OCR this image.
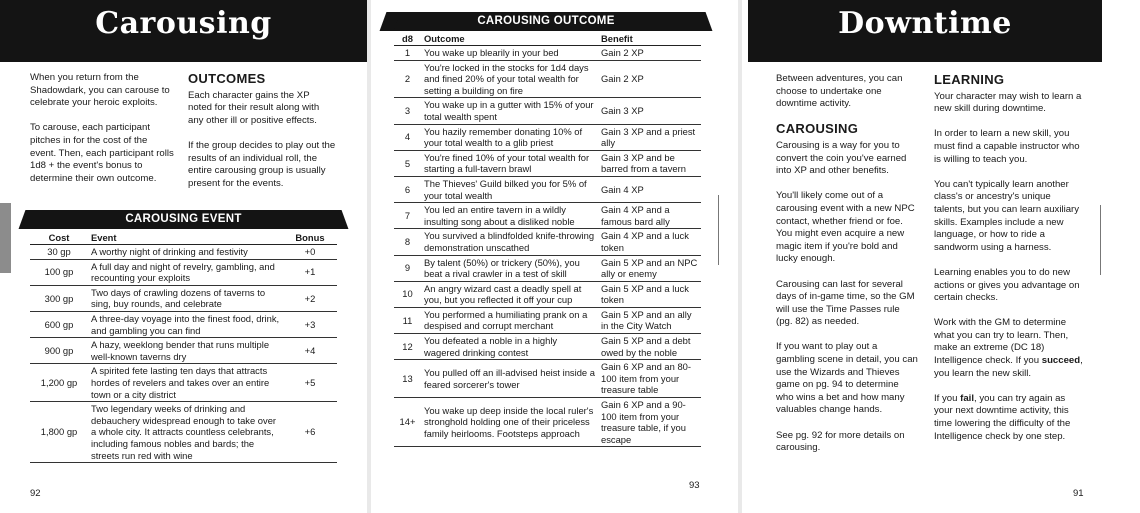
Carousing

When you return from the Shadowdark, you can carouse to celebrate your heroic exploits.

To carouse, each participant pitches in for the cost of the event. Then, each participant rolls 1d8 + the event's bonus to determine their own outcome.

OUTCOMES

Each character gains the XP noted for their result along with any other ill or positive effects.

If the group decides to play out the results of an individual roll, the entire carousing group is usually present for the events.

CAROUSING EVENT
Cost	Event	Bonus
30 gp	A worthy night of drinking and festivity	+0
100 gp	A full day and night of revelry, gambling, and recounting your exploits	+1
300 gp	Two days of crawling dozens of taverns to sing, buy rounds, and celebrate	+2
600 gp	A three-day voyage into the finest food, drink, and gambling you can find	+3
900 gp	A hazy, weeklong bender that runs multiple well-known taverns dry	+4
1,200 gp	A spirited fete lasting ten days that attracts hordes of revelers and takes over an entire town or a city district	+5
1,800 gp	Two legendary weeks of drinking and debauchery widespread enough to take over a whole city. It attracts countless celebrants, including famous nobles and bards; the streets run red with wine	+6
92
CAROUSING OUTCOME
d8	Outcome	Benefit
1	You wake up blearily in your bed	Gain 2 XP
2	You're locked in the stocks for 1d4 days and fined 20% of your total wealth for setting a building on fire	Gain 2 XP
3	You wake up in a gutter with 15% of your total wealth spent	Gain 3 XP
4	You hazily remember donating 10% of your total wealth to a glib priest	Gain 3 XP and a priest ally
5	You're fined 10% of your total wealth for starting a full-tavern brawl	Gain 3 XP and be barred from a tavern
6	The Thieves' Guild bilked you for 5% of your total wealth	Gain 4 XP
7	You led an entire tavern in a wildly insulting song about a disliked noble	Gain 4 XP and a famous bard ally
8	You survived a blindfolded knife-throwing demonstration unscathed	Gain 4 XP and a luck token
9	By talent (50%) or trickery (50%), you beat a rival crawler in a test of skill	Gain 5 XP and an NPC ally or enemy
10	An angry wizard cast a deadly spell at you, but you reflected it off your cup	Gain 5 XP and a luck token
11	You performed a humiliating prank on a despised and corrupt merchant	Gain 5 XP and an ally in the City Watch
12	You defeated a noble in a highly wagered drinking contest	Gain 5 XP and a debt owed by the noble
13	You pulled off an ill-advised heist inside a feared sorcerer's tower	Gain 6 XP and an 80-100 item from your treasure table
14+	You wake up deep inside the local ruler's stronghold holding one of their priceless family heirlooms. Footsteps approach	Gain 6 XP and a 90-100 item from your treasure table, if you escape
93
Downtime

Between adventures, you can choose to undertake one downtime activity.

CAROUSING

Carousing is a way for you to convert the coin you've earned into XP and other benefits.

You'll likely come out of a carousing event with a new NPC contact, whether friend or foe. You might even acquire a new magic item if you're bold and lucky enough.

Carousing can last for several days of in-game time, so the GM will use the Time Passes rule (pg. 82) as needed.

If you want to play out a gambling scene in detail, you can use the Wizards and Thieves game on pg. 94 to determine who wins a bet and how many valuables change hands.

See pg. 92 for more details on carousing.

LEARNING

Your character may wish to learn a new skill during downtime.

In order to learn a new skill, you must find a capable instructor who is willing to teach you.

You can't typically learn another class's or ancestry's unique talents, but you can learn auxiliary skills. Examples include a new language, or how to ride a sandworm using a harness.

Learning enables you to do new actions or gives you advantage on certain checks.

Work with the GM to determine what you can try to learn. Then, make an extreme (DC 18) Intelligence check. If you succeed, you learn the new skill.

If you fail, you can try again as your next downtime activity, this time lowering the difficulty of the Intelligence check by one step.

91
